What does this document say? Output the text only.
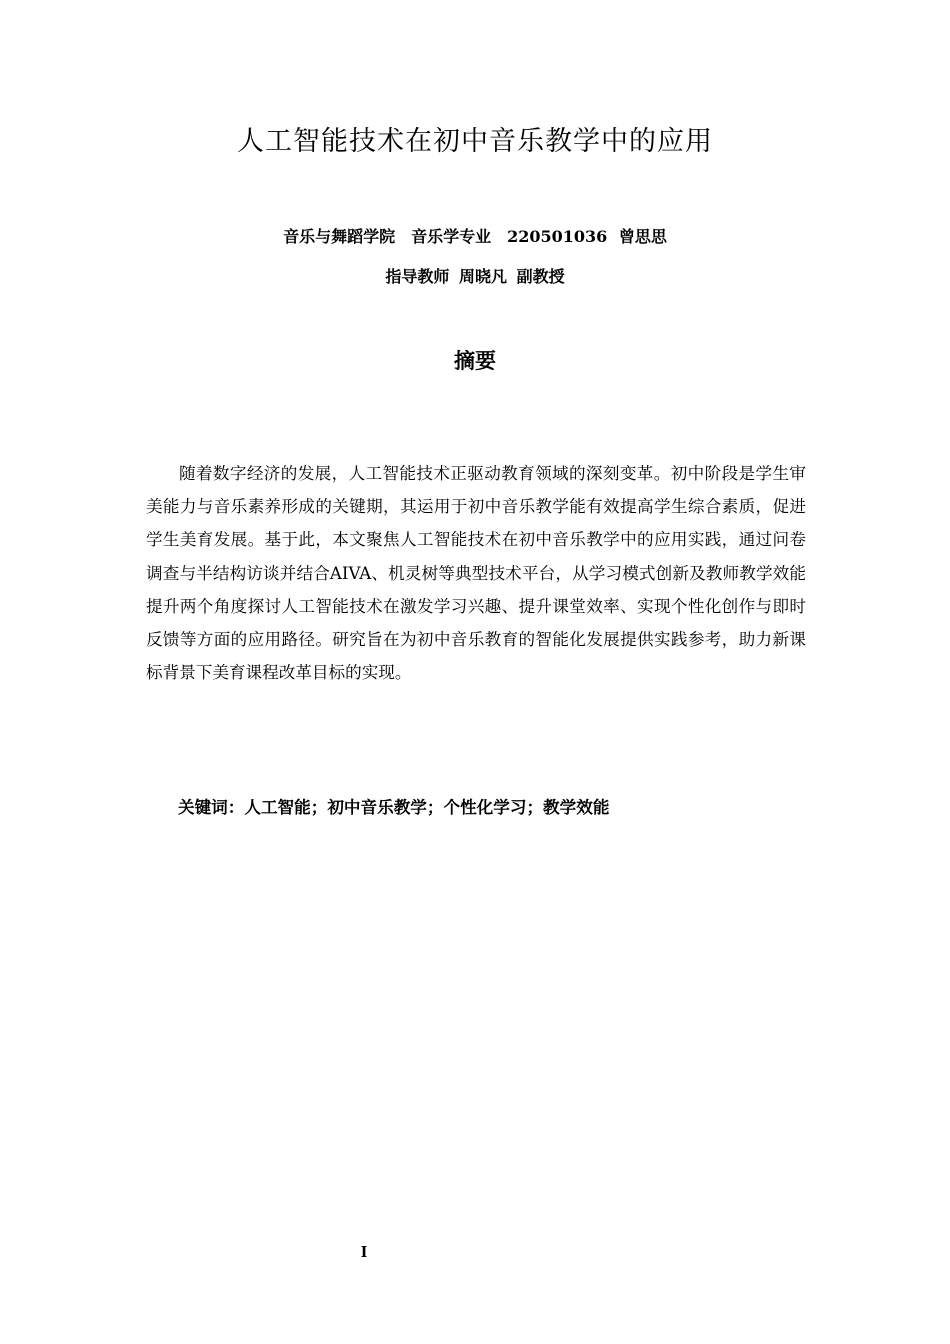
人工智能技术在初中音乐教学中的应用
音乐与舞蹈学院　音乐学专业　220501036 曾思思
指导教师 周晓凡 副教授
摘要

随着数字经济的发展，人工智能技术正驱动教育领域的深刻变革。初中阶段是学生审美能力与音乐素养形成的关键期，其运用于初中音乐教学能有效提高学生综合素质，促进学生美育发展。基于此，本文聚焦人工智能技术在初中音乐教学中的应用实践，通过问卷调查与半结构访谈并结合AIVA、机灵树等典型技术平台，从学习模式创新及教师教学效能提升两个角度探讨人工智能技术在激发学习兴趣、提升课堂效率、实现个性化创作与即时反馈等方面的应用路径。研究旨在为初中音乐教育的智能化发展提供实践参考，助力新课标背景下美育课程改革目标的实现。

关键词：人工智能；初中音乐教学；个性化学习；教学效能
I
